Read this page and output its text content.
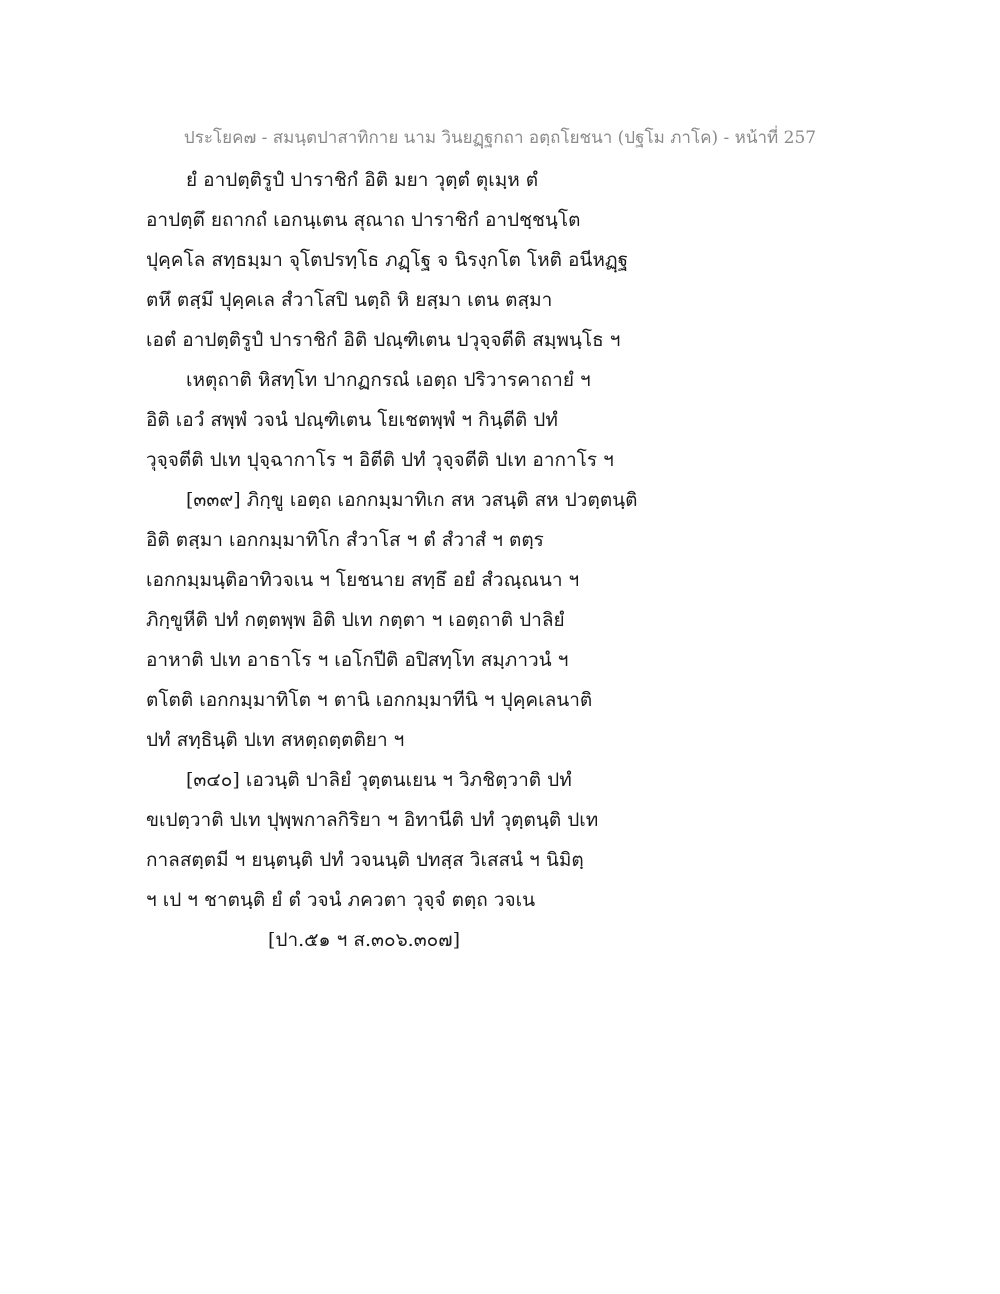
ประโยค๗ - สมนฺตปาสาทิกาย นาม วินยฏฺฐกถา อตฺถโยชนา (ปฐโม ภาโค) - หน้าที่ 257
ยํ อาปตฺติรูปํ ปาราชิกํ อิติ มยา วุตฺตํ ตุเมฺห ตํ
อาปตฺตึ ยถากถํ เอกนฺเตน สุณาถ ปาราชิกํ อาปชฺชนฺโต
ปุคฺคโล สทฺธมฺมา จุโตปรทฺโธ ภฏฺโฐ จ นิรงฺกโต โหติ อนีหฏฺฐ
ตหึ ตสฺมึ ปุคฺคเล สํวาโสปิ นตฺถิ หิ ยสฺมา เตน ตสฺมา
เอตํ อาปตฺติรูปํ ปาราชิกํ อิติ ปณฺฑิเตน ปวุจฺจตีติ สมฺพนฺโธ ฯ
เหตุถาติ หิสทฺโท ปากฏกรณํ เอตฺถ ปริวารคาถายํ ฯ
อิติ เอวํ สพฺพํ วจนํ ปณฺฑิเตน โยเชตพฺพํ ฯ กินฺตีติ ปทํ
วุจฺจตีติ ปเท ปุจฺฉากาโร ฯ อิตีติ ปทํ วุจฺจตีติ ปเท อากาโร ฯ
[๓๓๙] ภิกฺขู เอตฺถ เอกกมฺมาทิเก สห วสนฺติ สห ปวตฺตนฺติ
อิติ ตสฺมา เอกกมฺมาทิโก สํวาโส ฯ ตํ สํวาสํ ฯ ตตฺร
เอกกมฺมนฺติอาทิวจเน ฯ โยชนาย สทฺธึ อยํ สํวณฺณนา ฯ
ภิกฺขูหีติ ปทํ กตฺตพฺพ อิติ ปเท กตฺตา ฯ เอตฺถาติ ปาลิยํ
อาหาติ ปเท อาธาโร ฯ เอโกปีติ อปิสทฺโท สมฺภาวนํ ฯ
ตโตติ เอกกมฺมาทิโต ฯ ตานิ เอกกมฺมาทีนิ ฯ ปุคฺคเลนาติ
ปทํ สทฺธินฺติ ปเท สหตฺถตฺตติยา ฯ
[๓๔๐] เอวนฺติ ปาลิยํ วุตฺตนเยน ฯ วิภชิตฺวาติ ปทํ
ขเปตฺวาติ ปเท ปุพฺพกาลกิริยา ฯ อิทานีติ ปทํ วุตฺตนฺติ ปเท
กาลสตฺตมี ฯ ยนฺตนฺติ ปทํ วจนนฺติ ปทสฺส วิเสสนํ ฯ นิมิตฺ
ฯ เป ฯ ชาตนฺติ ยํ ตํ วจนํ ภควตา วุจฺจํ ตตฺถ วจเน
[ปา.๕๑ ฯ ส.๓๐๖.๓๐๗]
